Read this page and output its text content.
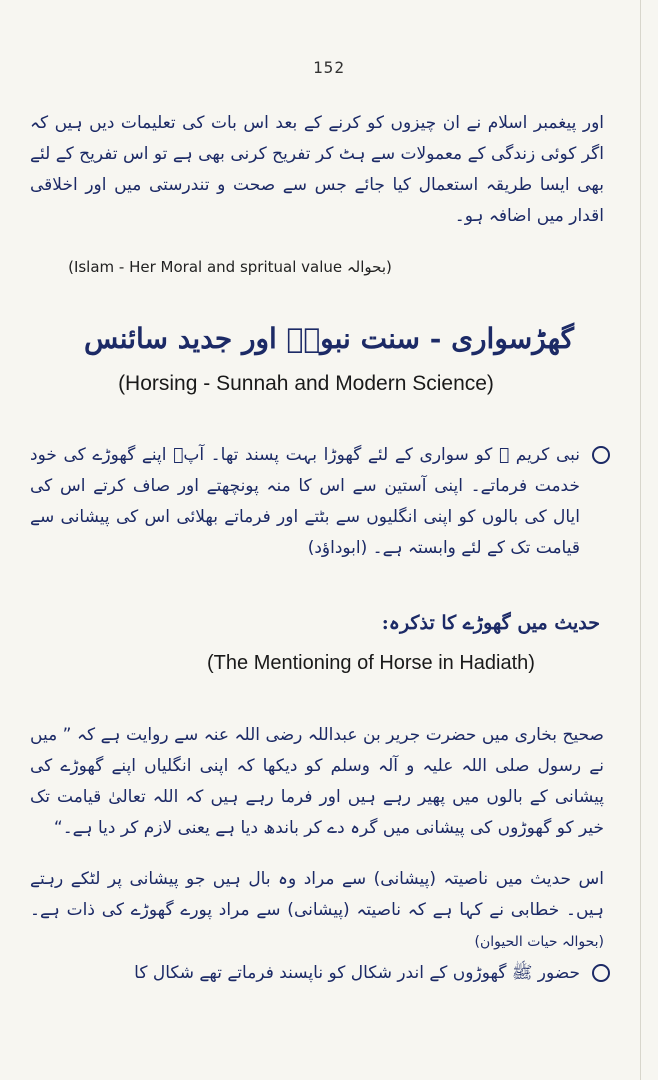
152
اور پیغمبر اسلام نے ان چیزوں کو کرنے کے بعد اس بات کی تعلیمات دیں ہیں کہ اگر کوئی زندگی کے معمولات سے ہٹ کر تفریح کرنی بھی ہے تو اس تفریح کے لئے بھی ایسا طریقہ استعمال کیا جائے جس سے صحت و تندرستی میں اور اخلاقی اقدار میں اضافہ ہو۔
(Islam - Her Moral and spritual value بحوالہ)
گھڑسواری - سنت نبویؐ اور جدید سائنس
(Horsing - Sunnah and Modern Science)
نبی کریم ﷺ کو سواری کے لئے گھوڑا بہت پسند تھا۔ آپؐ اپنے گھوڑے کی خود خدمت فرماتے۔ اپنی آستین سے اس کا منہ پونچھتے اور صاف کرتے اس کی ایال کی بالوں کو اپنی انگلیوں سے بٹتے اور فرماتے بھلائی اس کی پیشانی سے قیامت تک کے لئے وابستہ ہے۔ (ابوداؤد)
حدیث میں گھوڑے کا تذکرہ:
(The Mentioning of Horse in Hadiath)
صحیح بخاری میں حضرت جریر بن عبداللہ رضی اللہ عنہ سے روایت ہے کہ ” میں نے رسول صلی اللہ علیہ و آلہ وسلم کو دیکھا کہ اپنی انگلیاں اپنے گھوڑے کی پیشانی کے بالوں میں پھیر رہے ہیں اور فرما رہے ہیں کہ اللہ تعالیٰ قیامت تک خیر کو گھوڑوں کی پیشانی میں گرہ دے کر باندھ دیا ہے یعنی لازم کر دیا ہے۔“
اس حدیث میں ناصیتہ (پیشانی) سے مراد وہ بال ہیں جو پیشانی پر لٹکے رہتے ہیں۔ خطابی نے کہا ہے کہ ناصیتہ (پیشانی) سے مراد پورے گھوڑے کی ذات ہے۔ (بحوالہ حیات الحیوان)
حضور ﷺ گھوڑوں کے اندر شکال کو ناپسند فرماتے تھے شکال کا
